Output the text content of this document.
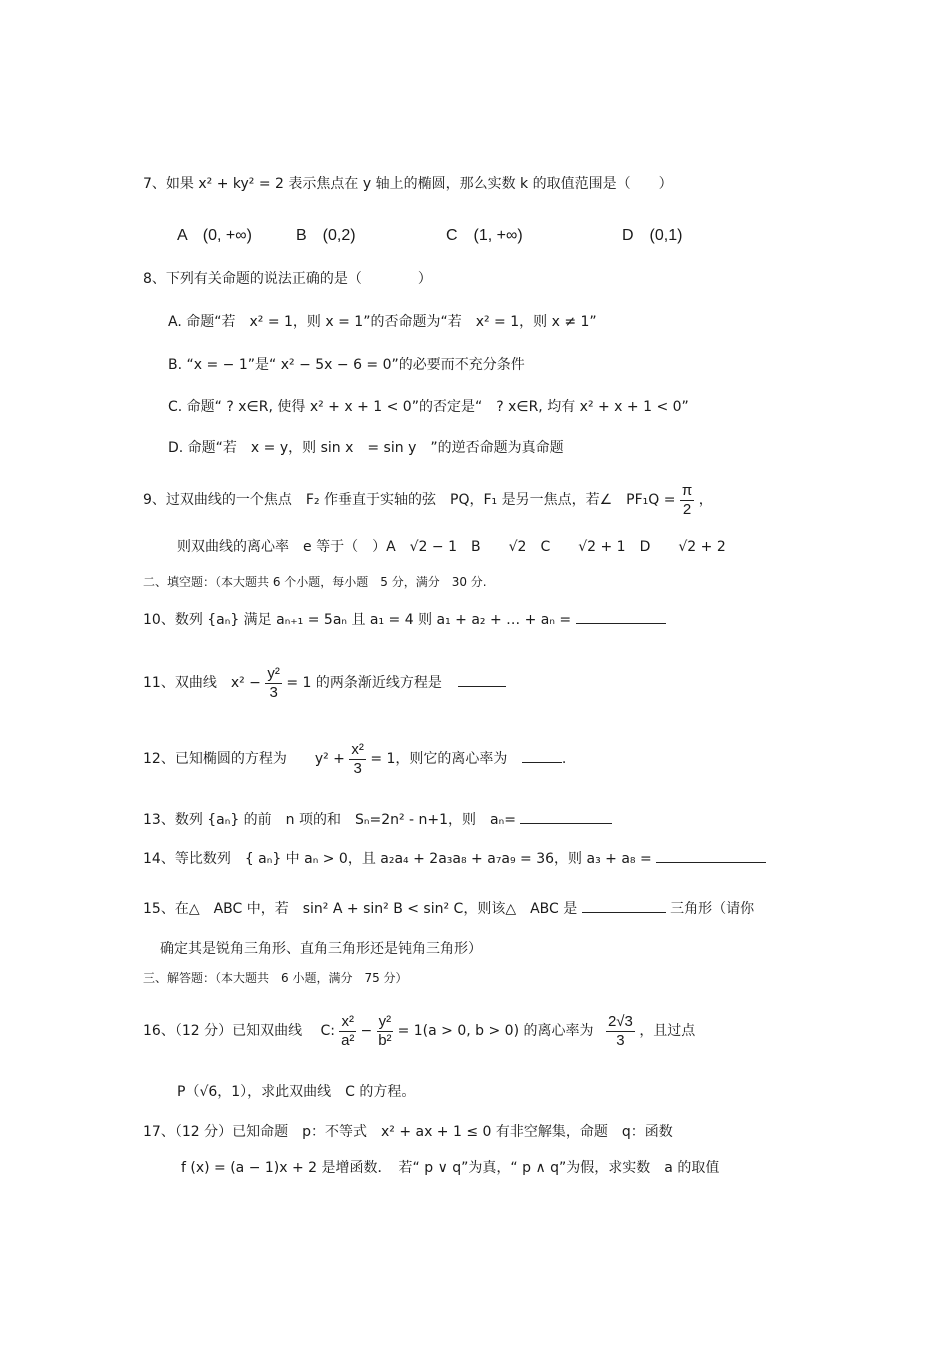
7、如果 x² + ky² = 2 表示焦点在 y 轴上的椭圆，那么实数 k 的取值范围是（　　）
A　(0, +∞)	B　(0,2)	C　(1, +∞)	D　(0,1)
8、下列有关命题的说法正确的是（　　　　）
A. 命题“若　x² = 1，则 x = 1”的否命题为“若　x² = 1，则 x ≠ 1”
B. “x = − 1”是“ x² − 5x − 6 = 0”的必要而不充分条件
C. 命题“ ? x∈R, 使得 x² + x + 1 < 0”的否定是“　? x∈R, 均有 x² + x + 1 < 0”
D. 命题“若　x = y，则 sin x　= sin y　”的逆否命题为真命题
9、过双曲线的一个焦点　F₂ 作垂直于实轴的弦　PQ，F₁ 是另一焦点，若∠　$PF_1Q = \frac{\pi}{2}$ ，
则双曲线的离心率　e 等于（　）A　√2 − 1　B　　√2　C　　√2 + 1　D　　√2 + 2
二、填空题：（本大题共 6 个小题，每小题　5 分，满分　30 分.
10、数列 {aₙ} 满足 aₙ₊₁ = 5aₙ 且 a₁ = 4 则 a₁ + a₂ + … + aₙ =
11、双曲线　$x^2 - \frac{\text{y²}}{3} = 1$ 的两条渐近线方程是
12、已知椭圆的方程为　　$y^2 + \frac{\text{x²}}{3} = 1$，则它的离心率为	.
13、数列 {aₙ} 的前　n 项的和　Sₙ=2n² - n+1，则　aₙ=
14、等比数列　{ aₙ} 中 aₙ > 0，且 a₂a₄ + 2a₃a₈ + a₇a₉ = 36，则 a₃ + a₈ =
15、在△　ABC 中，若　sin² A + sin² B < sin² C，则该△　ABC 是	三角形（请你
确定其是锐角三角形、直角三角形还是钝角三角形）
三、解答题：（本大题共　6 小题，满分　75 分）
16、（12 分）已知双曲线　 C: $\frac{\text{x²}}{\text{a²}} - \frac{\text{y²}}{\text{b²}} = 1(a > 0$, b > 0) 的离心率为 $\frac{2√3}{3}$ ，且过点
P（√6，1），求此双曲线　C 的方程。
17、（12 分）已知命题　p：不等式　x² + ax + 1 ≤ 0 有非空解集，命题　q：函数
f (x) = (a − 1)x + 2 是增函数．　若“ p ∨ q”为真，“ p ∧ q”为假，求实数　a 的取值
